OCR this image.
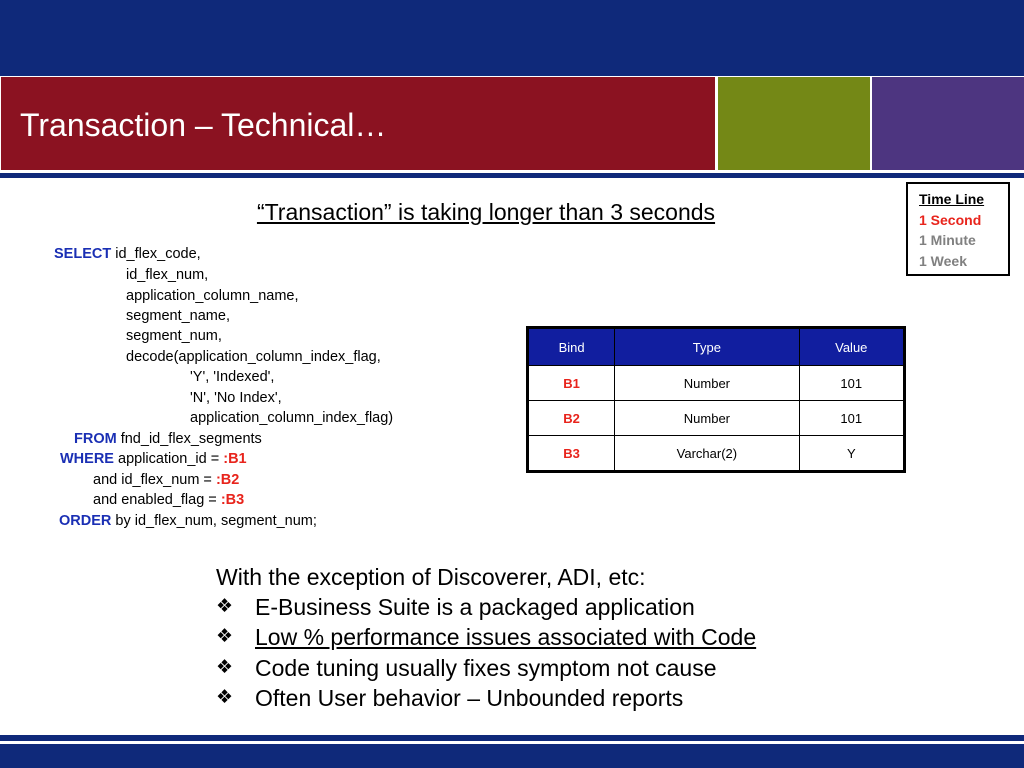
Transaction – Technical…
Time Line
1 Second
1 Minute
1 Week
“Transaction” is taking longer than 3 seconds
SELECT id_flex_code,
id_flex_num,
application_column_name,
segment_name,
segment_num,
decode(application_column_index_flag,
'Y', 'Indexed',
'N', 'No Index',
application_column_index_flag)
FROM fnd_id_flex_segments
WHERE application_id = :B1
and id_flex_num = :B2
and enabled_flag = :B3
ORDER by id_flex_num, segment_num;
Bind	Type	Value
B1	Number	101
B2	Number	101
B3	Varchar(2)	Y
With the exception of Discoverer, ADI, etc:
❖ E-Business Suite is a packaged application
❖ Low % performance issues associated with Code
❖ Code tuning usually fixes symptom not cause
❖ Often User behavior – Unbounded reports
